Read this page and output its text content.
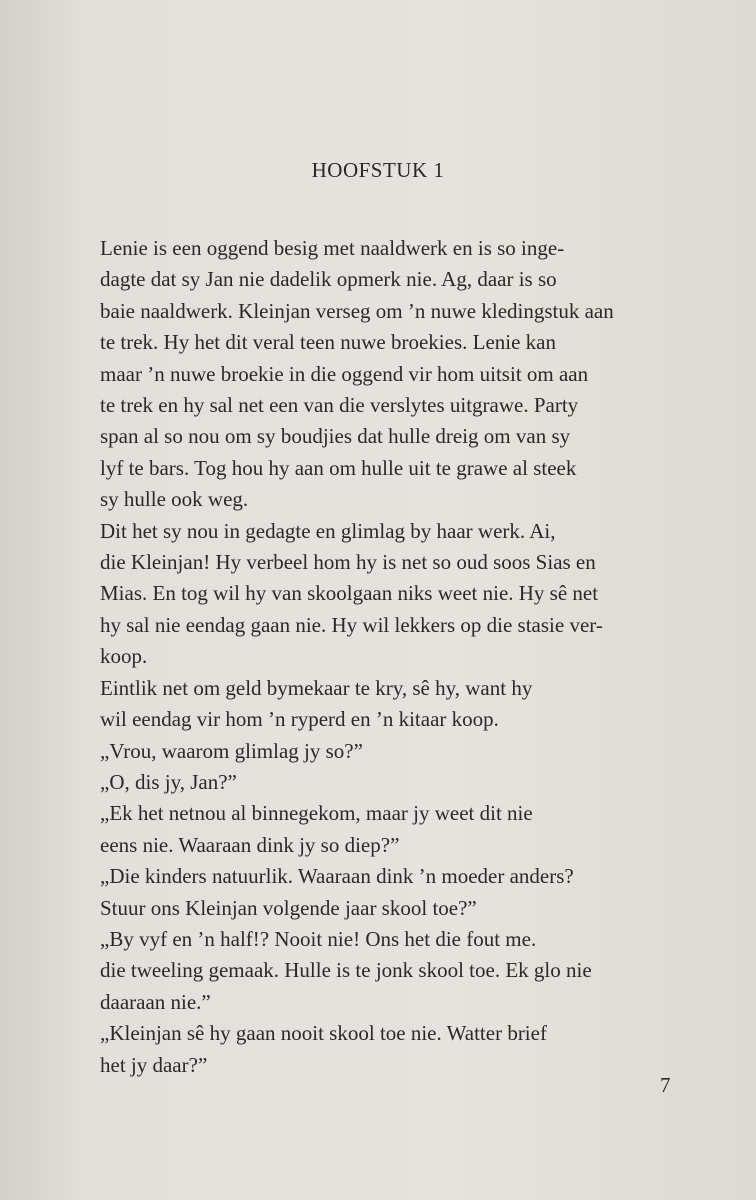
HOOFSTUK 1

Lenie is een oggend besig met naaldwerk en is so inge-
dagte dat sy Jan nie dadelik opmerk nie. Ag, daar is so
baie naaldwerk. Kleinjan verseg om ’n nuwe kledingstuk aan
te trek. Hy het dit veral teen nuwe broekies. Lenie kan
maar ’n nuwe broekie in die oggend vir hom uitsit om aan
te trek en hy sal net een van die verslytes uitgrawe. Party
span al so nou om sy boudjies dat hulle dreig om van sy
lyf te bars. Tog hou hy aan om hulle uit te grawe al steek
sy hulle ook weg.

Dit het sy nou in gedagte en glimlag by haar werk. Ai,
die Kleinjan! Hy verbeel hom hy is net so oud soos Sias en
Mias. En tog wil hy van skoolgaan niks weet nie. Hy sê net
hy sal nie eendag gaan nie. Hy wil lekkers op die stasie ver-
koop.

Eintlik net om geld bymekaar te kry, sê hy, want hy
wil eendag vir hom ’n ryperd en ’n kitaar koop.

„Vrou, waarom glimlag jy so?”

„O, dis jy, Jan?”

„Ek het netnou al binnegekom, maar jy weet dit nie
eens nie. Waaraan dink jy so diep?”

„Die kinders natuurlik. Waaraan dink ’n moeder anders?
Stuur ons Kleinjan volgende jaar skool toe?”

„By vyf en ’n half!? Nooit nie! Ons het die fout me.
die tweeling gemaak. Hulle is te jonk skool toe. Ek glo nie
daaraan nie.”

„Kleinjan sê hy gaan nooit skool toe nie. Watter brief
het jy daar?”

7
